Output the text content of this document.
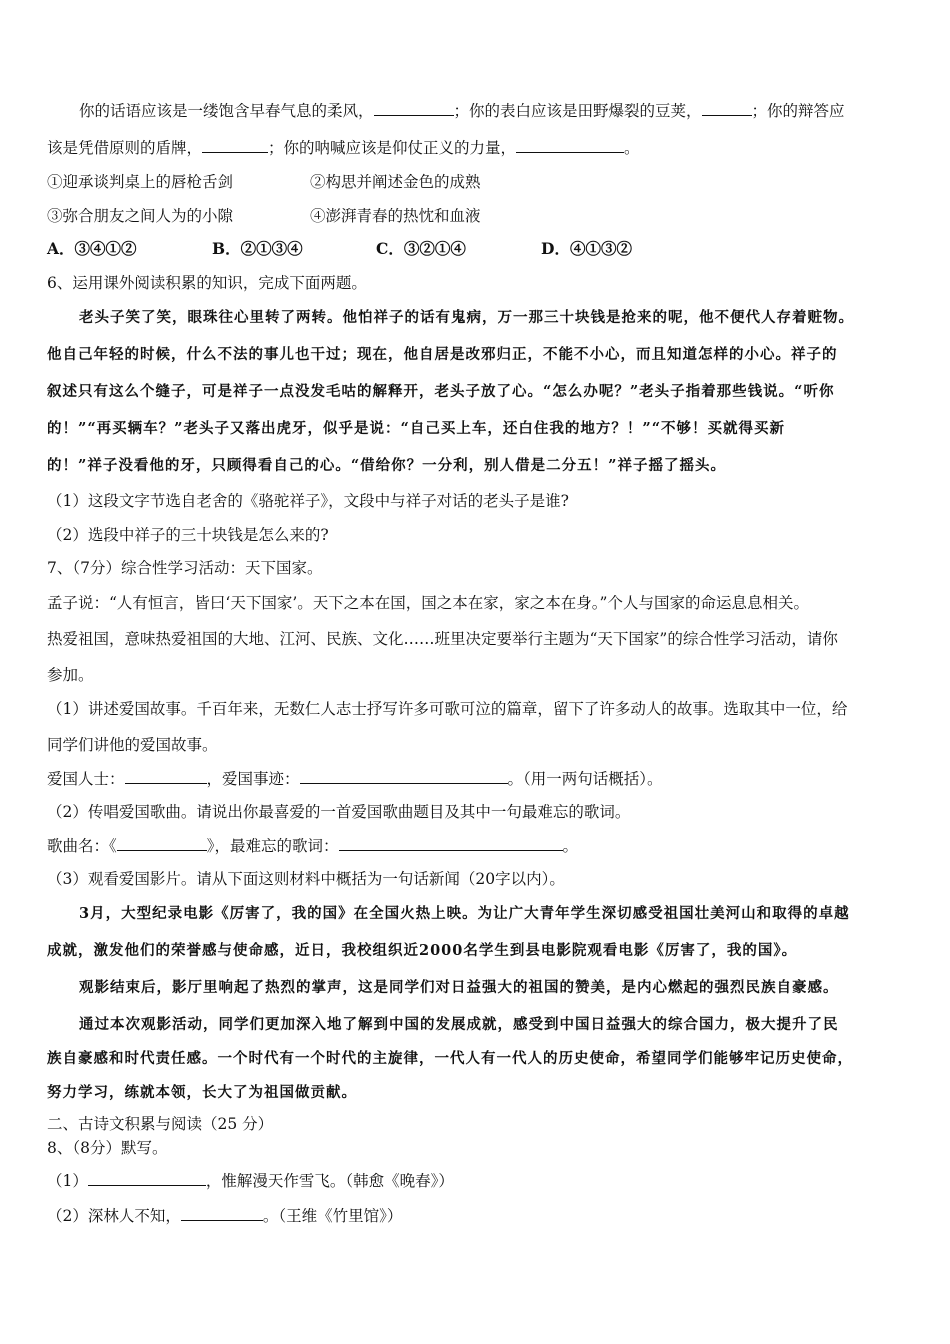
你的话语应该是一缕饱含早春气息的柔风，	；你的表白应该是田野爆裂的豆荚，	；你的辩答应
该是凭借原则的盾牌，	；你的呐喊应该是仰仗正义的力量，	。
①迎承谈判桌上的唇枪舌剑	②构思并阐述金色的成熟
③弥合朋友之间人为的小隙	④澎湃青春的热忱和血液
A．③④①②	B．②①③④	C．③②①④	D．④①③②
6、运用课外阅读积累的知识，完成下面两题。
老头子笑了笑，眼珠往心里转了两转。他怕祥子的话有鬼病，万一那三十块钱是抢来的呢，他不便代人存着赃物。
他自己年轻的时候，什么不法的事儿也干过；现在，他自居是改邪归正，不能不小心，而且知道怎样的小心。祥子的
叙述只有这么个缝子，可是祥子一点没发毛咕的解释开，老头子放了心。“怎么办呢？”老头子指着那些钱说。“听你
的！”“再买辆车？”老头子又落出虎牙，似乎是说：“自己买上车，还白住我的地方？！”“不够！买就得买新
的！”祥子没看他的牙，只顾得看自己的心。“借给你？一分利，别人借是二分五！”祥子摇了摇头。
（1）这段文字节选自老舍的《骆驼祥子》，文段中与祥子对话的老头子是谁?
（2）选段中祥子的三十块钱是怎么来的?
7、（7分）综合性学习活动：天下国家。
孟子说：“人有恒言，皆曰‘天下国家’。天下之本在国，国之本在家，家之本在身。”个人与国家的命运息息相关。
热爱祖国，意味热爱祖国的大地、江河、民族、文化……班里决定要举行主题为“天下国家”的综合性学习活动，请你
参加。
（1）讲述爱国故事。千百年来，无数仁人志士抒写许多可歌可泣的篇章，留下了许多动人的故事。选取其中一位，给
同学们讲他的爱国故事。
爱国人士：	，爱国事迹：	。（用一两句话概括）。
（2）传唱爱国歌曲。请说出你最喜爱的一首爱国歌曲题目及其中一句最难忘的歌词。
歌曲名：《	》，最难忘的歌词：	。
（3）观看爱国影片。请从下面这则材料中概括为一句话新闻（20字以内）。
3月，大型纪录电影《厉害了，我的国》在全国火热上映。为让广大青年学生深切感受祖国壮美河山和取得的卓越
成就，激发他们的荣誉感与使命感，近日，我校组织近2000名学生到县电影院观看电影《厉害了，我的国》。
观影结束后，影厅里响起了热烈的掌声，这是同学们对日益强大的祖国的赞美，是内心燃起的强烈民族自豪感。
通过本次观影活动，同学们更加深入地了解到中国的发展成就，感受到中国日益强大的综合国力，极大提升了民
族自豪感和时代责任感。一个时代有一个时代的主旋律，一代人有一代人的历史使命，希望同学们能够牢记历史使命，
努力学习，练就本领，长大了为祖国做贡献。
二、古诗文积累与阅读（25 分）
8、（8分）默写。
（1）	，惟解漫天作雪飞。（韩愈《晚春》）
（2）深林人不知，	。（王维《竹里馆》）
